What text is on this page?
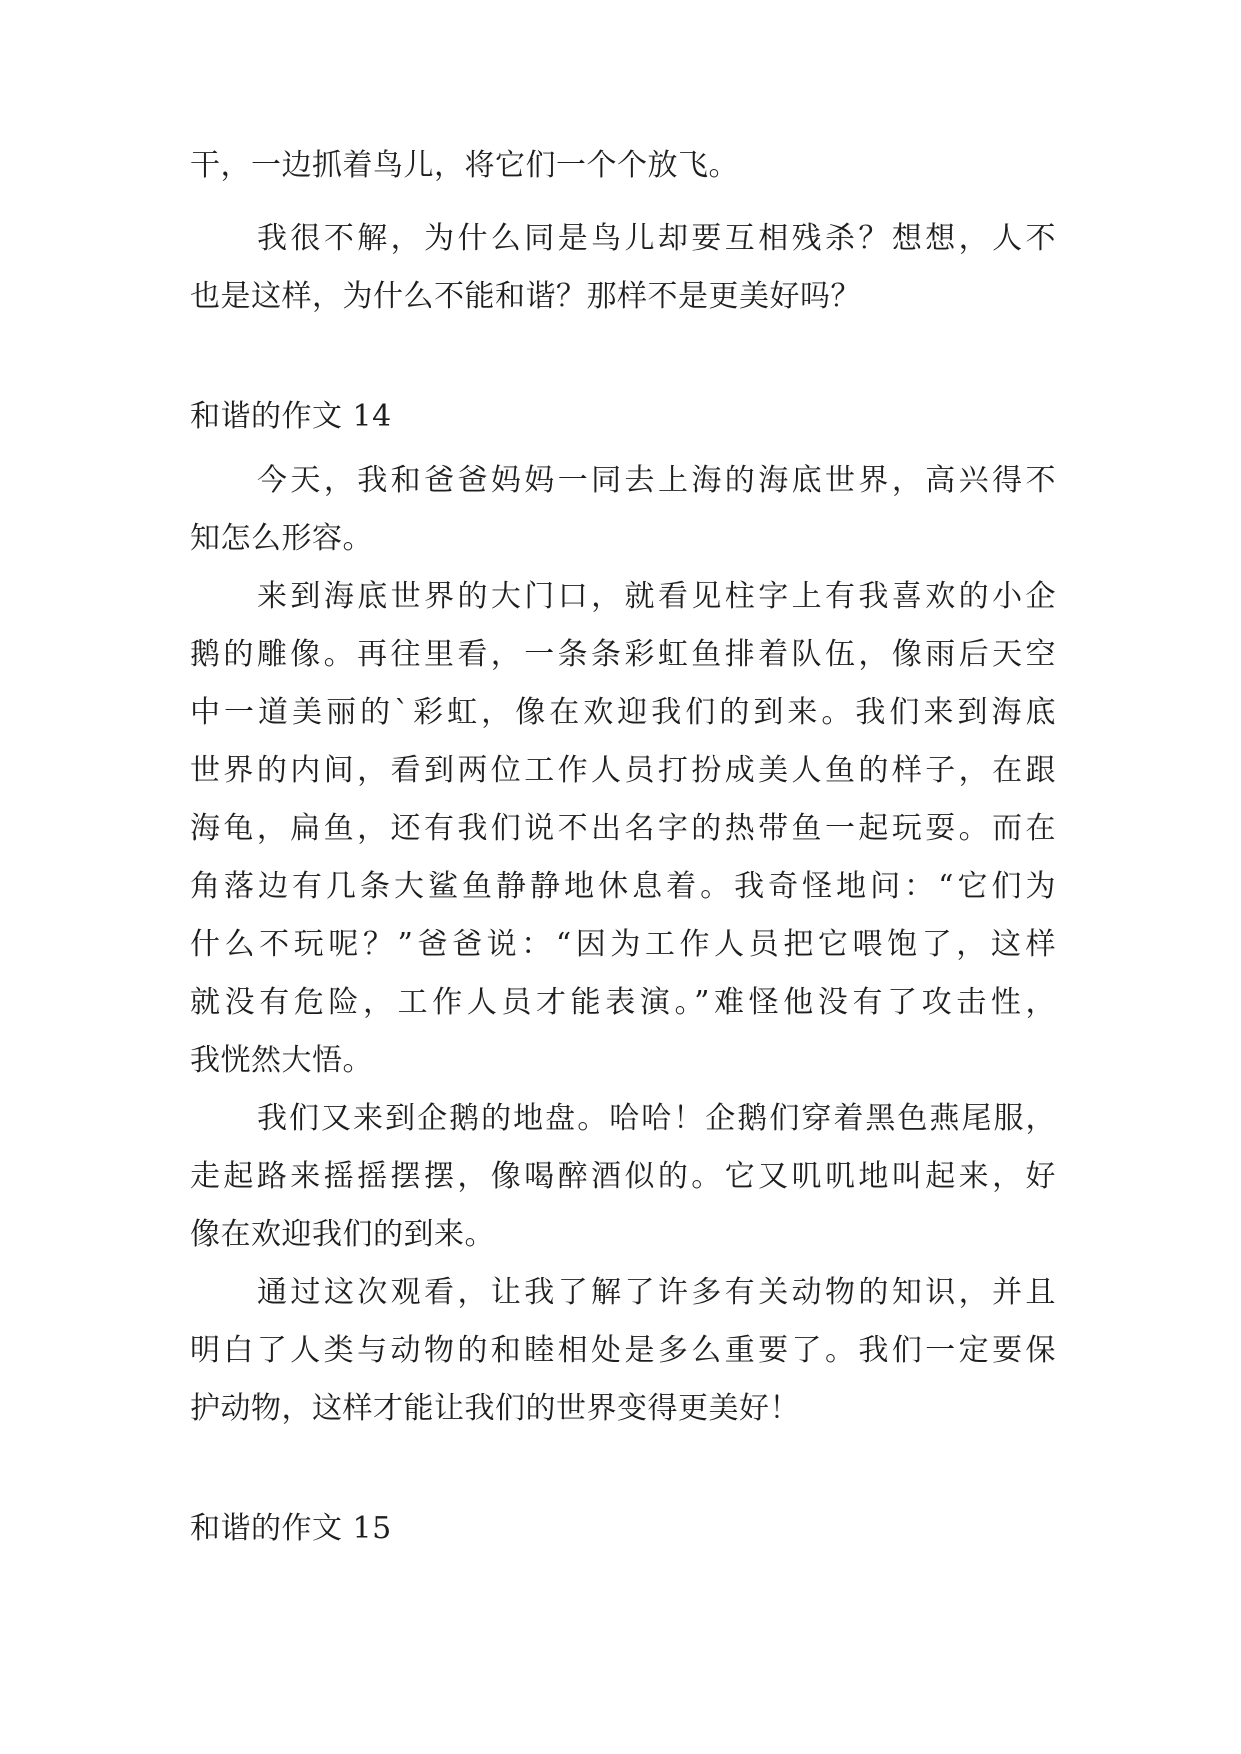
干，一边抓着鸟儿，将它们一个个放飞。
我很不解，为什么同是鸟儿却要互相残杀？想想，人不
也是这样，为什么不能和谐？那样不是更美好吗？
和谐的作文 14
今天，我和爸爸妈妈一同去上海的海底世界，高兴得不
知怎么形容。
来到海底世界的大门口，就看见柱字上有我喜欢的小企
鹅的雕像。再往里看，一条条彩虹鱼排着队伍，像雨后天空
中一道美丽的`彩虹，像在欢迎我们的到来。我们来到海底
世界的内间，看到两位工作人员打扮成美人鱼的样子，在跟
海龟，扁鱼，还有我们说不出名字的热带鱼一起玩耍。而在
角落边有几条大鲨鱼静静地休息着。我奇怪地问：“它们为
什么不玩呢？”爸爸说：“因为工作人员把它喂饱了，这样
就没有危险，工作人员才能表演。”难怪他没有了攻击性，
我恍然大悟。
我们又来到企鹅的地盘。哈哈！企鹅们穿着黑色燕尾服，
走起路来摇摇摆摆，像喝醉酒似的。它又叽叽地叫起来，好
像在欢迎我们的到来。
通过这次观看，让我了解了许多有关动物的知识，并且
明白了人类与动物的和睦相处是多么重要了。我们一定要保
护动物，这样才能让我们的世界变得更美好！
和谐的作文 15
